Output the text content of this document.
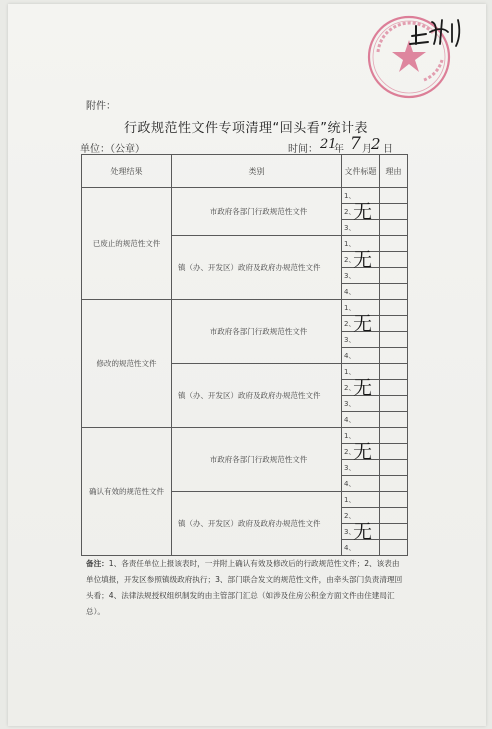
附件：
行政规范性文件专项清理“回头看”统计表
单位：（公章）	时间： 21
年 7 月 2 日
处理结果	类别	文件标题	理由
已废止的规范性文件	市政府各部门行政规范性文件	1、	
		2、
无	

		3、	
	镇（办、开发区）政府及政府办规范性文件	1、	
		2、
无	

		3、	
		4、	
修改的规范性文件	市政府各部门行政规范性文件	1、	
		2、
无	

		3、	
		4、	
	镇（办、开发区）政府及政府办规范性文件	1、	
		2、
无	

		3、	
		4、	
确认有效的规范性文件	市政府各部门行政规范性文件	1、	
		2、
无	

		3、	
		4、	
	镇（办、开发区）政府及政府办规范性文件	1、	
		2、	
		3、
无	

		4、	
备注：1、各责任单位上报该表时，一并附上确认有效及修改后的行政规范性文件；2、该表由单位填报，开发区参照镇级政府执行；3、部门联合发文的规范性文件，由牵头部门负责清理回头看；4、法律法规授权组织制发的由主管部门汇总（如涉及住房公积金方面文件由住建局汇总）。
